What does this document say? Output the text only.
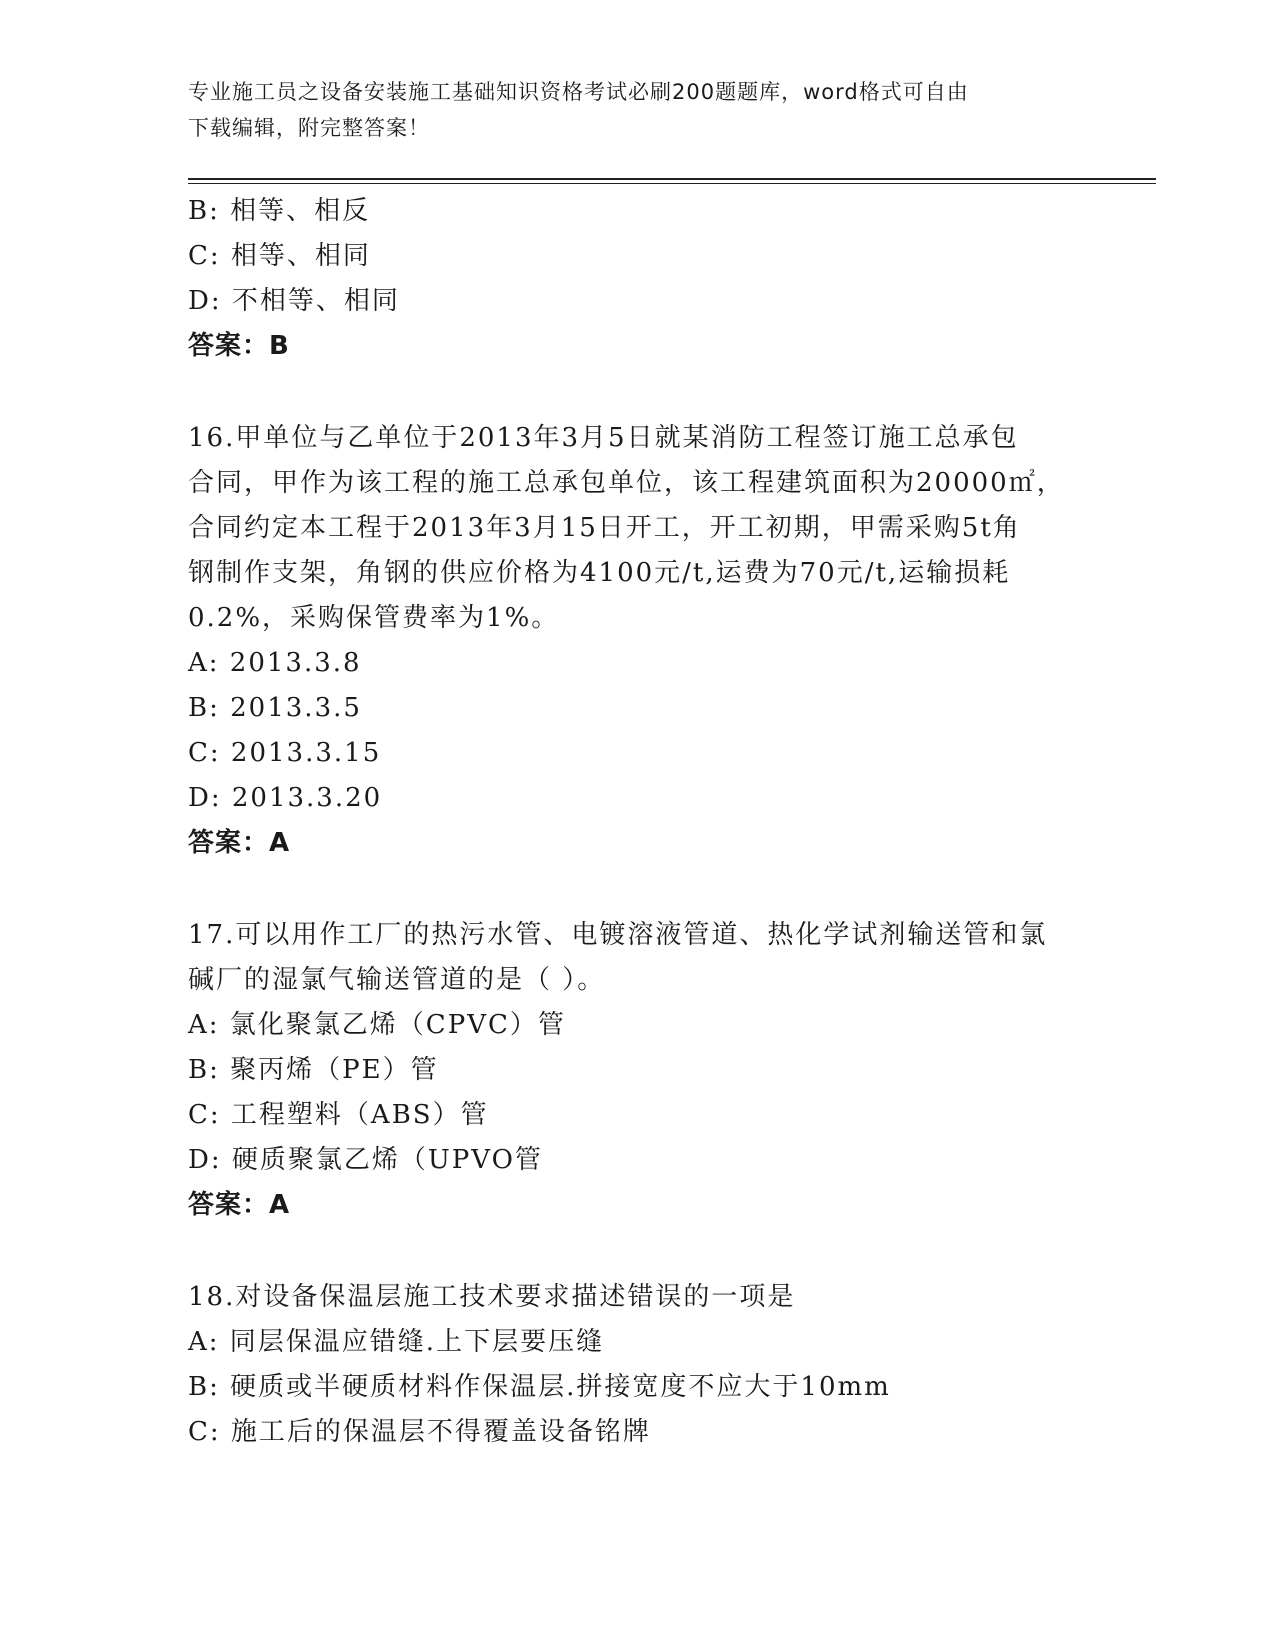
专业施工员之设备安装施工基础知识资格考试必刷200题题库，word格式可自由
下载编辑，附完整答案！
B: 相等、相反
C: 相等、相同
D: 不相等、相同
答案：B
16.甲单位与乙单位于2013年3月5日就某消防工程签订施工总承包
合同，甲作为该工程的施工总承包单位，该工程建筑面积为20000㎡，
合同约定本工程于2013年3月15日开工，开工初期，甲需采购5t角
钢制作支架，角钢的供应价格为4100元/t,运费为70元/t,运输损耗
0.2%，采购保管费率为1%。
A: 2013.3.8
B: 2013.3.5
C: 2013.3.15
D: 2013.3.20
答案：A
17.可以用作工厂的热污水管、电镀溶液管道、热化学试剂输送管和氯
碱厂的湿氯气输送管道的是（ ）。
A: 氯化聚氯乙烯（CPVC）管
B: 聚丙烯（PE）管
C: 工程塑料（ABS）管
D: 硬质聚氯乙烯（UPVO管
答案：A
18.对设备保温层施工技术要求描述错误的一项是
A: 同层保温应错缝.上下层要压缝
B: 硬质或半硬质材料作保温层.拼接宽度不应大于10mm
C: 施工后的保温层不得覆盖设备铭牌
